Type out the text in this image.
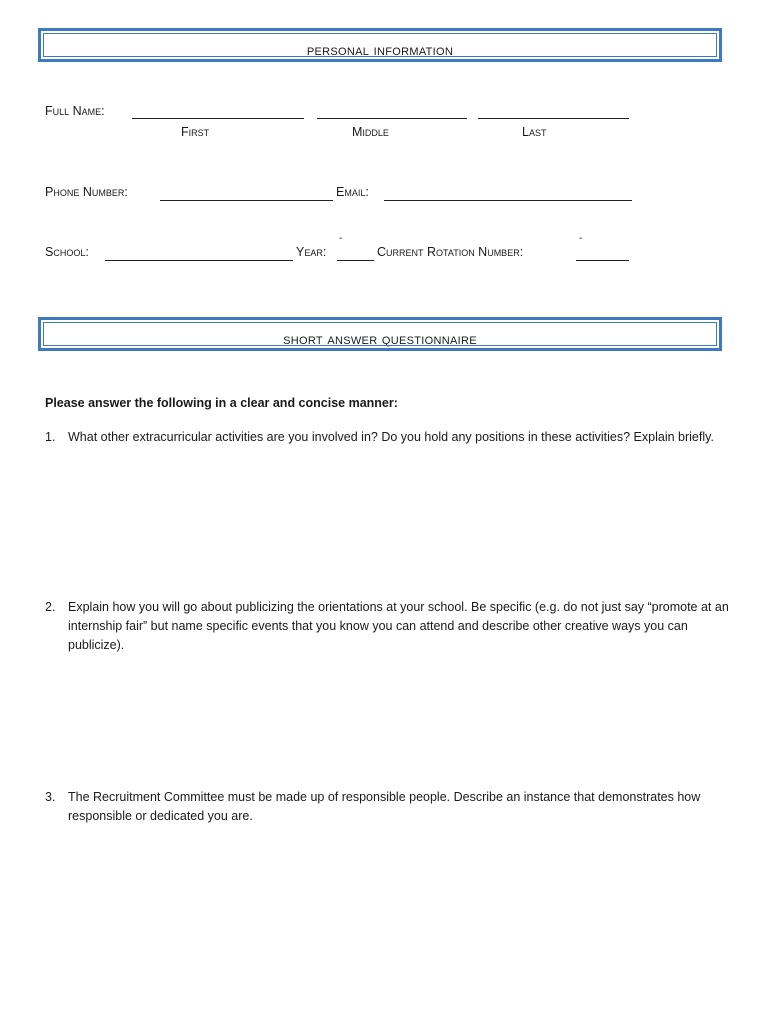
personal information
Full Name:
First	Middle	Last
Phone Number:	Email:
School:	Year:
-
Current Rotation Number:
-
short answer questionnaire
Please answer the following in a clear and concise manner:
1.	What other extracurricular activities are you involved in? Do you hold any positions in these activities? Explain briefly.
2.	Explain how you will go about publicizing the orientations at your school. Be specific (e.g. do not just say “promote at an internship fair” but name specific events that you know you can attend and describe other creative ways you can publicize).
3.	The Recruitment Committee must be made up of responsible people. Describe an instance that demonstrates how responsible or dedicated you are.
